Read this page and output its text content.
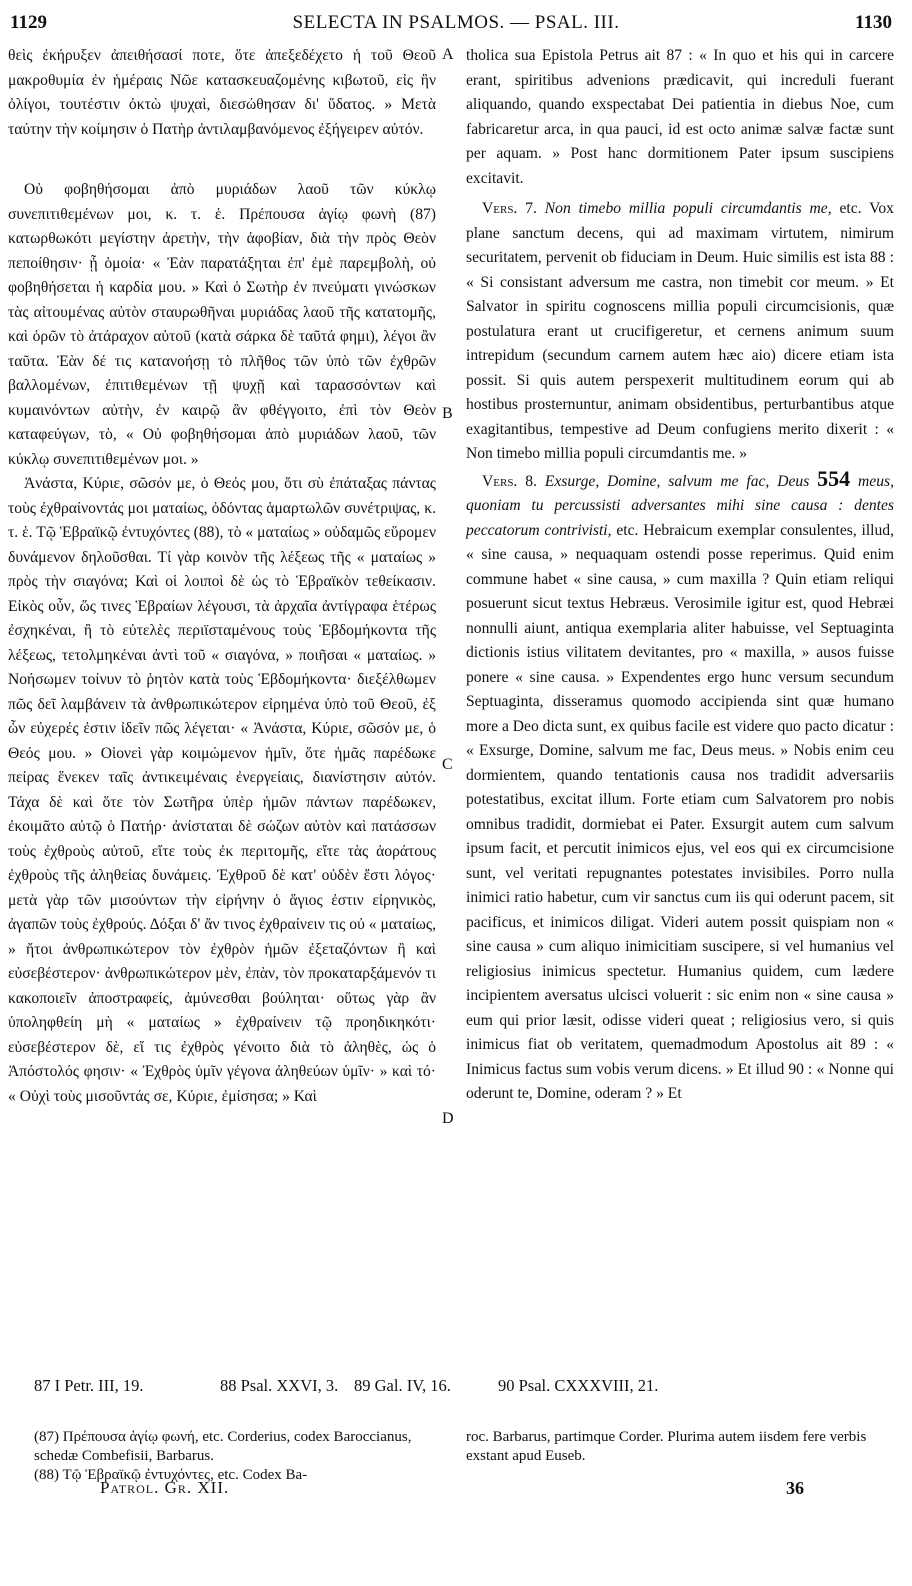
1129	SELECTA IN PSALMOS. — PSAL. III.	1130

θεὶς ἐκήρυξεν ἀπειθήσασί ποτε, ὅτε ἀπεξεδέχετο ἡ τοῦ Θεοῦ μακροθυμία ἐν ἡμέραις Νῶε κατασκευαζομένης κιβωτοῦ, εἰς ἣν ὀλίγοι, τουτέστιν ὀκτὼ ψυχαὶ, διεσώθησαν δι' ὕδατος. » Μετὰ ταύτην τὴν κοίμησιν ὁ Πατὴρ ἀντιλαμβανόμενος ἐξήγειρεν αὐτόν.

Οὐ φοβηθήσομαι ἀπὸ μυριάδων λαοῦ τῶν κύκλῳ συνεπιτιθεμένων μοι, κ. τ. ἑ. Πρέπουσα ἁγίῳ φωνὴ (87) κατωρθωκότι μεγίστην ἀρετὴν, τὴν ἀφοβίαν, διὰ τὴν πρὸς Θεὸν πεποίθησιν· ᾗ ὁμοία· « Ἐὰν παρατάξηται ἐπ' ἐμὲ παρεμβολὴ, οὐ φοβηθήσεται ἡ καρδία μου. » Καὶ ὁ Σωτὴρ ἐν πνεύματι γινώσκων τὰς αἰτουμένας αὐτὸν σταυρωθῆναι μυριάδας λαοῦ τῆς κατατομῆς, καὶ ὁρῶν τὸ ἀτάραχον αὐτοῦ (κατὰ σάρκα δὲ ταῦτά φημι), λέγοι ἂν ταῦτα. Ἐὰν δέ τις κατανοήσῃ τὸ πλῆθος τῶν ὑπὸ τῶν ἐχθρῶν βαλλομένων, ἐπιτιθεμένων τῇ ψυχῇ καὶ ταρασσόντων καὶ κυμαινόντων αὐτὴν, ἐν καιρῷ ἂν φθέγγοιτο, ἐπὶ τὸν Θεὸν καταφεύγων, τὸ, « Οὐ φοβηθήσομαι ἀπὸ μυριάδων λαοῦ, τῶν κύκλῳ συνεπιτιθεμένων μοι. »

Ἀνάστα, Κύριε, σῶσόν με, ὁ Θεός μου, ὅτι σὺ ἐπάταξας πάντας τοὺς ἐχθραίνοντάς μοι ματαίως, ὀδόντας ἁμαρτωλῶν συνέτριψας, κ. τ. ἑ. Τῷ Ἑβραϊκῷ ἐντυχόντες (88), τὸ « ματαίως » οὐδαμῶς εὕρομεν δυνάμενον δηλοῦσθαι. Τί γὰρ κοινὸν τῆς λέξεως τῆς « ματαίως » πρὸς τὴν σιαγόνα; Καὶ οἱ λοιποὶ δὲ ὡς τὸ Ἑβραϊκὸν τεθείκασιν. Εἰκὸς οὖν, ὥς τινες Ἑβραίων λέγουσι, τὰ ἀρχαῖα ἀντίγραφα ἑτέρως ἐσχηκέναι, ἢ τὸ εὐτελὲς περιϊσταμένους τοὺς Ἑβδομήκοντα τῆς λέξεως, τετολμηκέναι ἀντὶ τοῦ « σιαγόνα, » ποιῆσαι « ματαίως. » Νοήσωμεν τοίνυν τὸ ῥητὸν κατὰ τοὺς Ἑβδομήκοντα· διεξέλθωμεν πῶς δεῖ λαμβάνειν τὰ ἀνθρωπικώτερον εἰρημένα ὑπὸ τοῦ Θεοῦ, ἐξ ὧν εὐχερές ἐστιν ἰδεῖν πῶς λέγεται· « Ἀνάστα, Κύριε, σῶσόν με, ὁ Θεός μου. » Οἱονεὶ γὰρ κοιμώμενον ἡμῖν, ὅτε ἡμᾶς παρέδωκε πείρας ἕνεκεν ταῖς ἀντικειμέναις ἐνεργείαις, διανίστησιν αὐτόν. Τάχα δὲ καὶ ὅτε τὸν Σωτῆρα ὑπὲρ ἡμῶν πάντων παρέδωκεν, ἐκοιμᾶτο αὐτῷ ὁ Πατήρ· ἀνίσταται δὲ σώζων αὐτὸν καὶ πατάσσων τοὺς ἐχθροὺς αὐτοῦ, εἴτε τοὺς ἐκ περιτομῆς, εἴτε τὰς ἀοράτους ἐχθροὺς τῆς ἀληθείας δυνάμεις. Ἐχθροῦ δὲ κατ' οὐδὲν ἔστι λόγος· μετὰ γὰρ τῶν μισούντων τὴν εἰρήνην ὁ ἅγιος ἐστιν εἰρηνικὸς, ἀγαπῶν τοὺς ἐχθρούς. Δόξαι δ' ἄν τινος ἐχθραίνειν τις οὐ « ματαίως, » ἤτοι ἀνθρωπικώτερον τὸν ἐχθρὸν ἡμῶν ἐξεταζόντων ἢ καὶ εὐσεβέστερον· ἀνθρωπικώτερον μὲν, ἐπὰν, τὸν προκαταρξάμενόν τι κακοποιεῖν ἀποστραφείς, ἀμύνεσθαι βούληται· οὕτως γὰρ ἂν ὑποληφθείη μὴ « ματαίως » ἐχθραίνειν τῷ προηδικηκότι· εὐσεβέστερον δὲ, εἴ τις ἐχθρὸς γένοιτο διὰ τὸ ἀληθὲς, ὡς ὁ Ἀπόστολός φησιν· « Ἐχθρὸς ὑμῖν γέγονα ἀληθεύων ὑμῖν· » καὶ τό· « Οὐχὶ τοὺς μισοῦντάς σε, Κύριε, ἐμίσησα; » Καὶ

A
B
C
D

tholica sua Epistola Petrus ait 87 : « In quo et his qui in carcere erant, spiritibus advenions prædicavit, qui increduli fuerant aliquando, quando exspectabat Dei patientia in diebus Noe, cum fabricaretur arca, in qua pauci, id est octo animæ salvæ factæ sunt per aquam. » Post hanc dormitionem Pater ipsum suscipiens excitavit.

Vers. 7. Non timebo millia populi circumdantis me, etc. Vox plane sanctum decens, qui ad maximam virtutem, nimirum securitatem, pervenit ob fiduciam in Deum. Huic similis est ista 88 : « Si consistant adversum me castra, non timebit cor meum. » Et Salvator in spiritu cognoscens millia populi circumcisionis, quæ postulatura erant ut crucifigeretur, et cernens animum suum intrepidum (secundum carnem autem hæc aio) dicere etiam ista possit. Si quis autem perspexerit multitudinem eorum qui ab hostibus prosternuntur, animam obsidentibus, perturbantibus atque exagitantibus, tempestive ad Deum confugiens merito dixerit : « Non timebo millia populi circumdantis me. »

Vers. 8. Exsurge, Domine, salvum me fac, Deus 554 meus, quoniam tu percussisti adversantes mihi sine causa : dentes peccatorum contrivisti, etc. Hebraicum exemplar consulentes, illud, « sine causa, » nequaquam ostendi posse reperimus. Quid enim commune habet « sine causa, » cum maxilla ? Quin etiam reliqui posuerunt sicut textus Hebræus. Verosimile igitur est, quod Hebræi nonnulli aiunt, antiqua exemplaria aliter habuisse, vel Septuaginta dictionis istius vilitatem devitantes, pro « maxilla, » ausos fuisse ponere « sine causa. » Expendentes ergo hunc versum secundum Septuaginta, disseramus quomodo accipienda sint quæ humano more a Deo dicta sunt, ex quibus facile est videre quo pacto dicatur : « Exsurge, Domine, salvum me fac, Deus meus. » Nobis enim ceu dormientem, quando tentationis causa nos tradidit adversariis potestatibus, excitat illum. Forte etiam cum Salvatorem pro nobis omnibus tradidit, dormiebat ei Pater. Exsurgit autem cum salvum ipsum facit, et percutit inimicos ejus, vel eos qui ex circumcisione sunt, vel veritati repugnantes potestates invisibiles. Porro nulla inimici ratio habetur, cum vir sanctus cum iis qui oderunt pacem, sit pacificus, et inimicos diligat. Videri autem possit quispiam non « sine causa » cum aliquo inimicitiam suscipere, si vel humanius vel religiosius inimicus spectetur. Humanius quidem, cum lædere incipientem aversatus ulcisci voluerit : sic enim non « sine causa » eum qui prior læsit, odisse videri queat ; religiosius vero, si quis inimicus fiat ob veritatem, quemadmodum Apostolus ait 89 : « Inimicus factus sum vobis verum dicens. » Et illud 90 : « Nonne qui oderunt te, Domine, oderam ? » Et

87 I Petr. III, 19.	88 Psal. XXVI, 3. 89 Gal. IV, 16.	90 Psal. CXXXVIII, 21.

(87) Πρέπουσα ἁγίῳ φωνή, etc. Corderius, codex Baroccianus, schedæ Combefisii, Barbarus.

(88) Τῷ Ἑβραϊκῷ ἐντυχόντες, etc. Codex Ba-

roc. Barbarus, partimque Corder. Plurima autem iisdem fere verbis exstant apud Euseb.

Patrol. Gr. XII.	36
